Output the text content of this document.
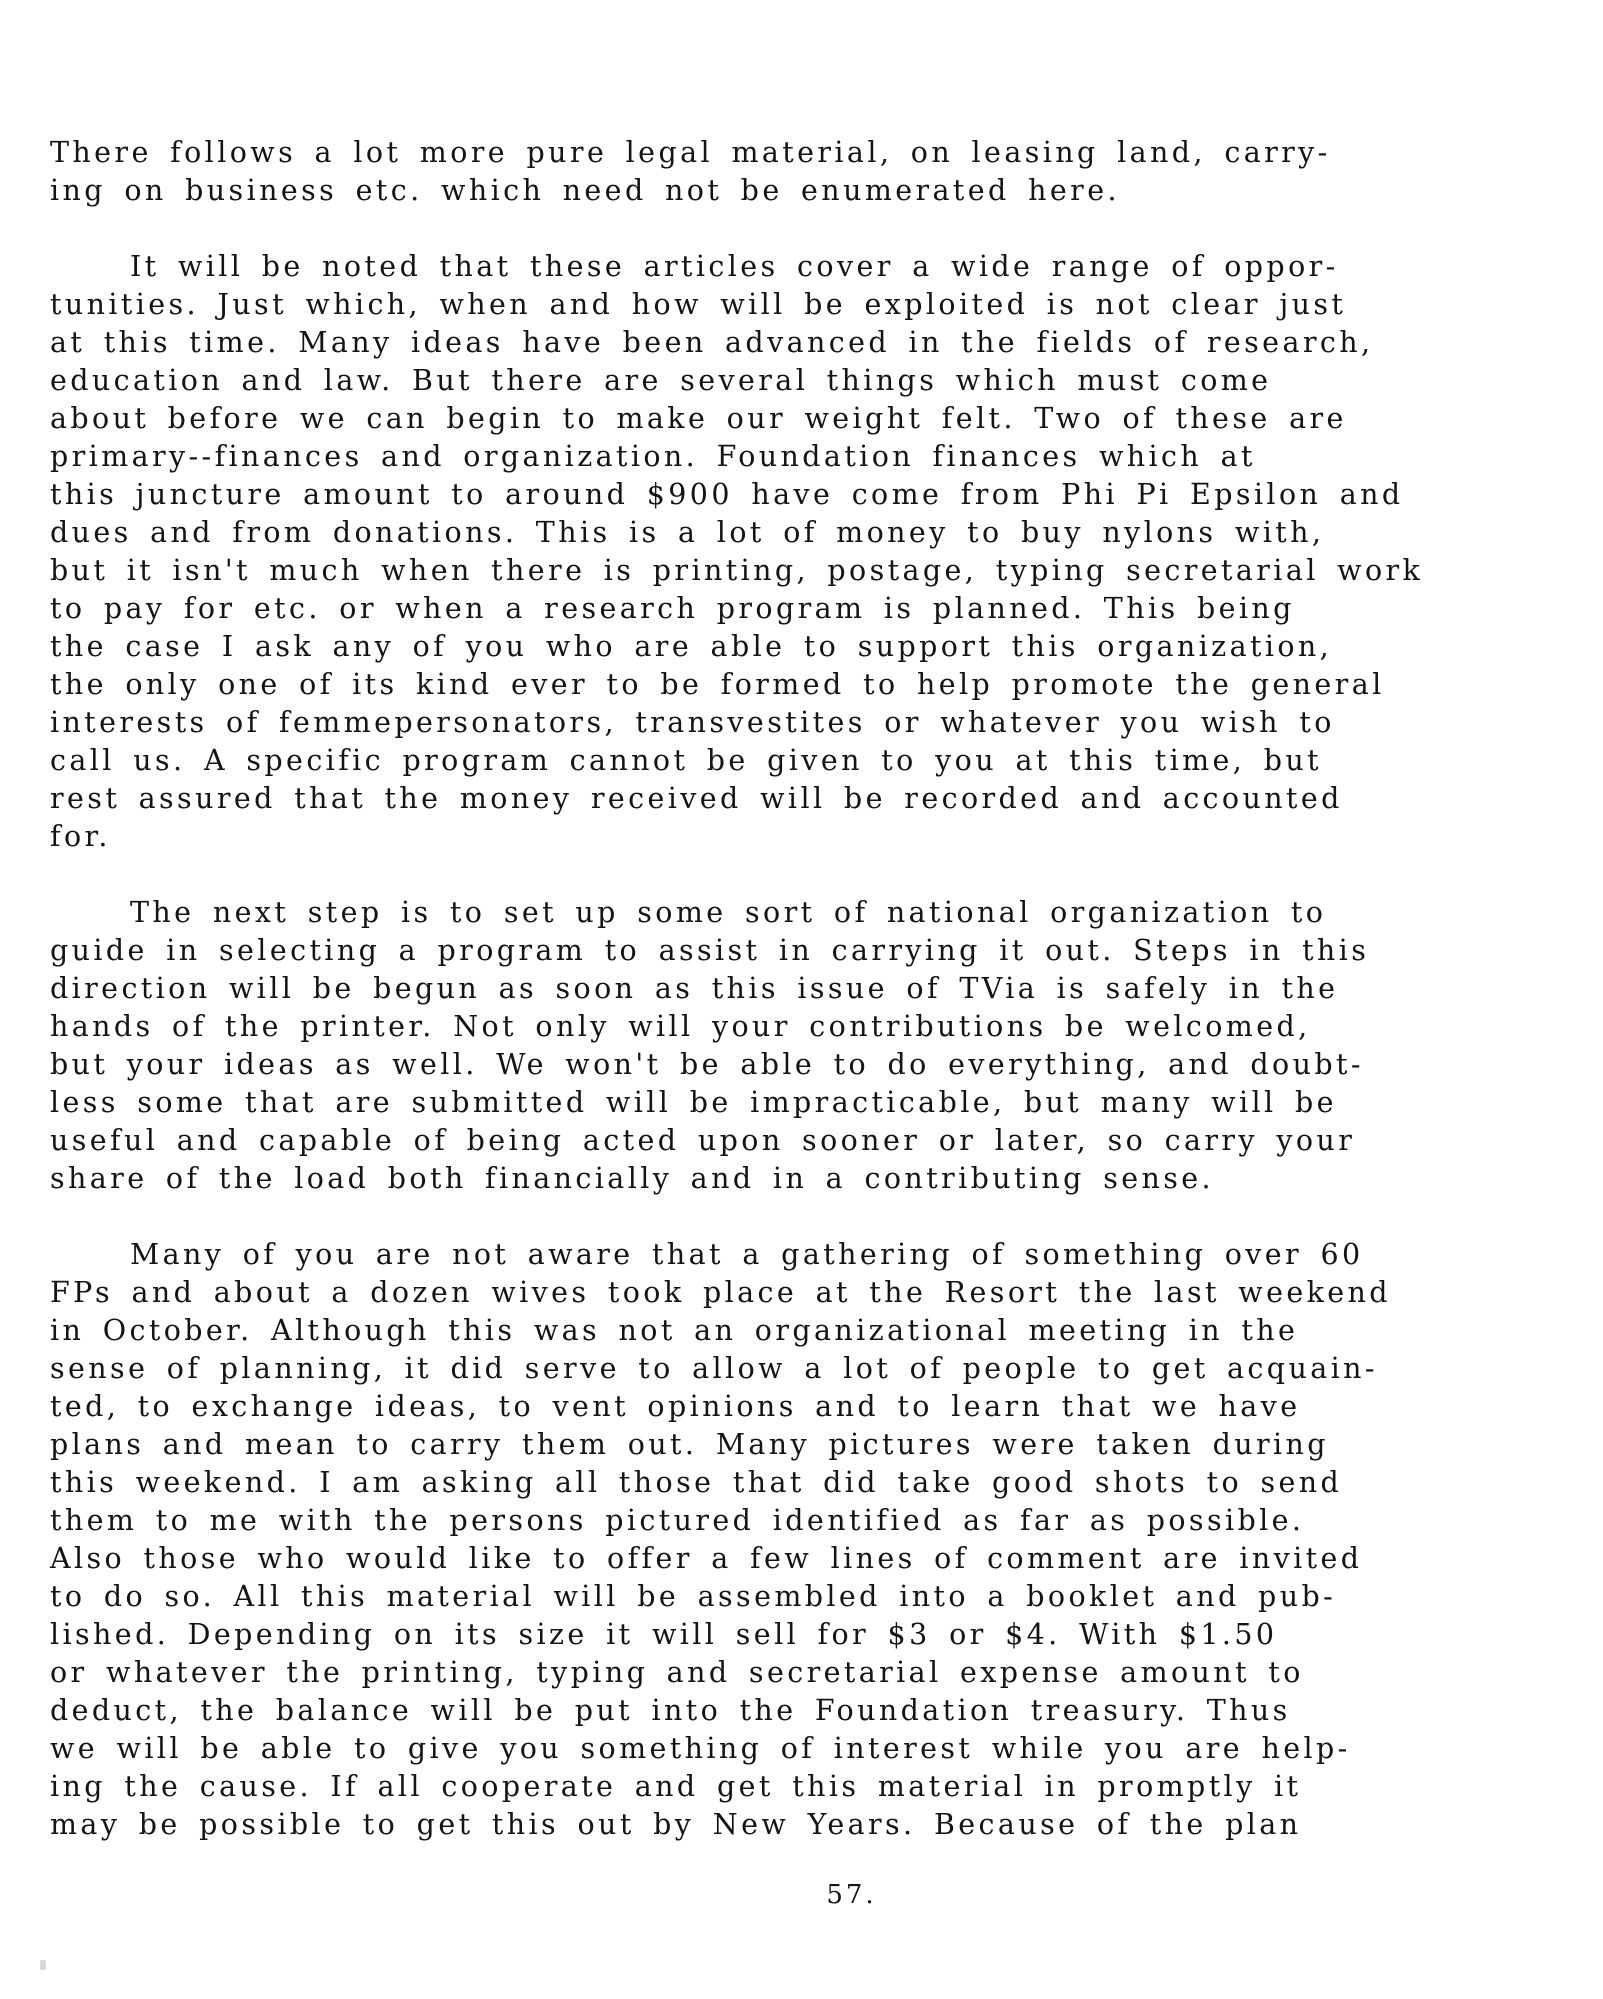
There follows a lot more pure legal material, on leasing land, carry-
ing on business etc. which need not be enumerated here.
It will be noted that these articles cover a wide range of oppor-
tunities. Just which, when and how will be exploited is not clear just
at this time. Many ideas have been advanced in the fields of research,
education and law. But there are several things which must come
about before we can begin to make our weight felt. Two of these are
primary--finances and organization. Foundation finances which at
this juncture amount to around $900 have come from Phi Pi Epsilon and
dues and from donations. This is a lot of money to buy nylons with,
but it isn't much when there is printing, postage, typing secretarial work
to pay for etc. or when a research program is planned. This being
the case I ask any of you who are able to support this organization,
the only one of its kind ever to be formed to help promote the general
interests of femmepersonators, transvestites or whatever you wish to
call us. A specific program cannot be given to you at this time, but
rest assured that the money received will be recorded and accounted
for.
The next step is to set up some sort of national organization to
guide in selecting a program to assist in carrying it out. Steps in this
direction will be begun as soon as this issue of TVia is safely in the
hands of the printer. Not only will your contributions be welcomed,
but your ideas as well. We won't be able to do everything, and doubt-
less some that are submitted will be impracticable, but many will be
useful and capable of being acted upon sooner or later, so carry your
share of the load both financially and in a contributing sense.
Many of you are not aware that a gathering of something over 60
FPs and about a dozen wives took place at the Resort the last weekend
in October. Although this was not an organizational meeting in the
sense of planning, it did serve to allow a lot of people to get acquain-
ted, to exchange ideas, to vent opinions and to learn that we have
plans and mean to carry them out. Many pictures were taken during
this weekend. I am asking all those that did take good shots to send
them to me with the persons pictured identified as far as possible.
Also those who would like to offer a few lines of comment are invited
to do so. All this material will be assembled into a booklet and pub-
lished. Depending on its size it will sell for $3 or $4. With $1.50
or whatever the printing, typing and secretarial expense amount to
deduct, the balance will be put into the Foundation treasury. Thus
we will be able to give you something of interest while you are help-
ing the cause. If all cooperate and get this material in promptly it
may be possible to get this out by New Years. Because of the plan
57.
